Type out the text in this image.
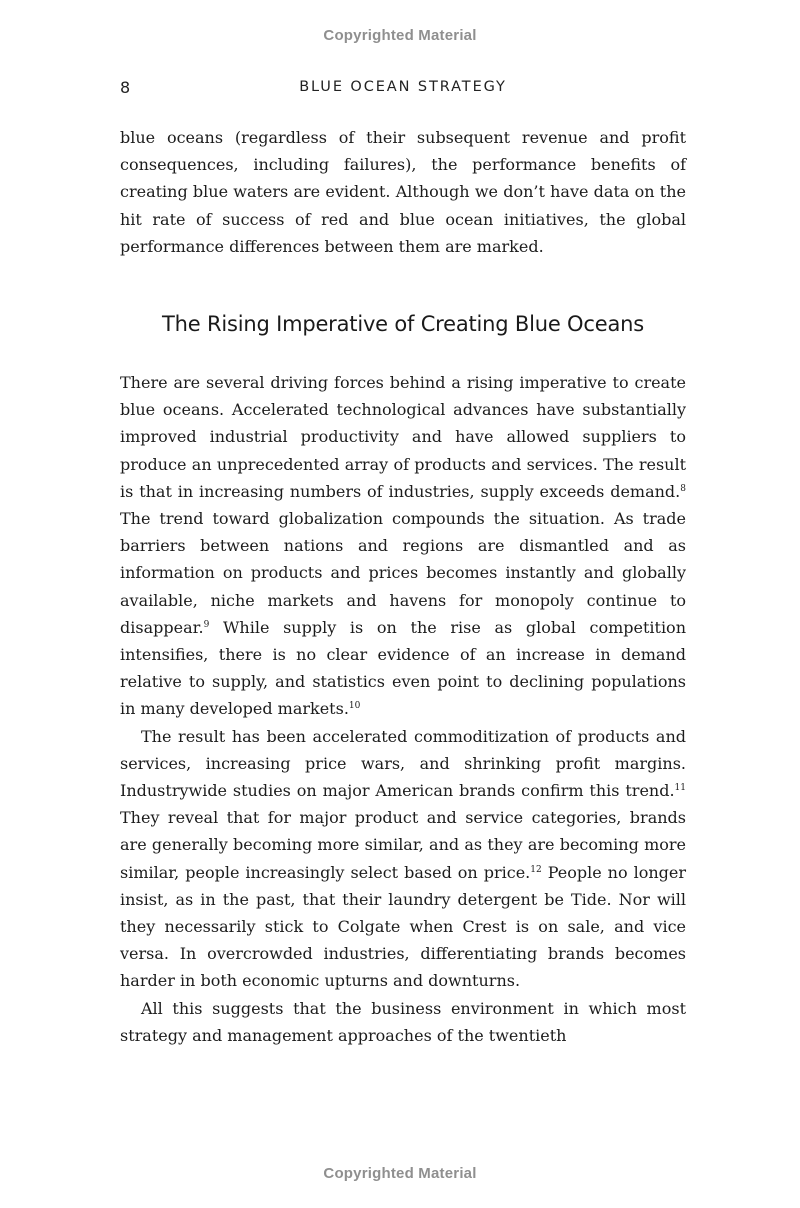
Copyrighted Material
8	BLUE OCEAN STRATEGY

blue oceans (regardless of their subsequent revenue and profit consequences, including failures), the performance benefits of creating blue waters are evident. Although we don’t have data on the hit rate of success of red and blue ocean initiatives, the global performance differences between them are marked.

The Rising Imperative of Creating Blue Oceans

There are several driving forces behind a rising imperative to create blue oceans. Accelerated technological advances have substantially improved industrial productivity and have allowed suppliers to produce an unprecedented array of products and services. The result is that in increasing numbers of industries, supply exceeds demand.$^8$ The trend toward globalization compounds the situation. As trade barriers between nations and regions are dismantled and as information on products and prices becomes instantly and globally available, niche markets and havens for monopoly continue to disappear.$^9$ While supply is on the rise as global competition intensifies, there is no clear evidence of an increase in demand relative to supply, and statistics even point to declining populations in many developed markets.$^{10}$

The result has been accelerated commoditization of products and services, increasing price wars, and shrinking profit margins. Industrywide studies on major American brands confirm this trend.$^{11}$ They reveal that for major product and service categories, brands are generally becoming more similar, and as they are becoming more similar, people increasingly select based on price.$^{12}$ People no longer insist, as in the past, that their laundry detergent be Tide. Nor will they necessarily stick to Colgate when Crest is on sale, and vice versa. In overcrowded industries, differentiating brands becomes harder in both economic upturns and downturns.

All this suggests that the business environment in which most strategy and management approaches of the twentieth

Copyrighted Material
